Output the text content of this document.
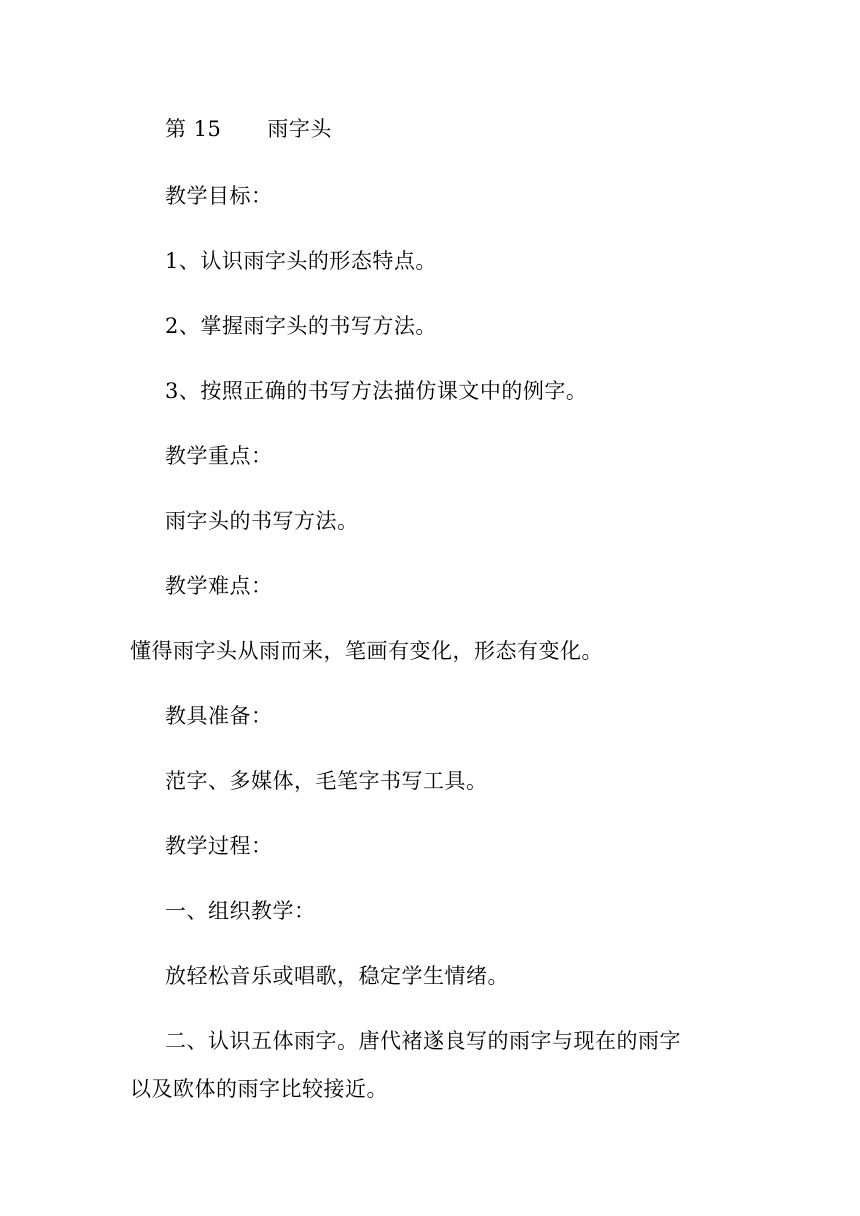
第 15 雨字头
教学目标：
1、认识雨字头的形态特点。
2、掌握雨字头的书写方法。
3、按照正确的书写方法描仿课文中的例字。
教学重点：
雨字头的书写方法。
教学难点：
懂得雨字头从雨而来，笔画有变化，形态有变化。
教具准备：
范字、多媒体，毛笔字书写工具。
教学过程：
一、组织教学：
放轻松音乐或唱歌，稳定学生情绪。
二、认识五体雨字。唐代褚遂良写的雨字与现在的雨字
以及欧体的雨字比较接近。
